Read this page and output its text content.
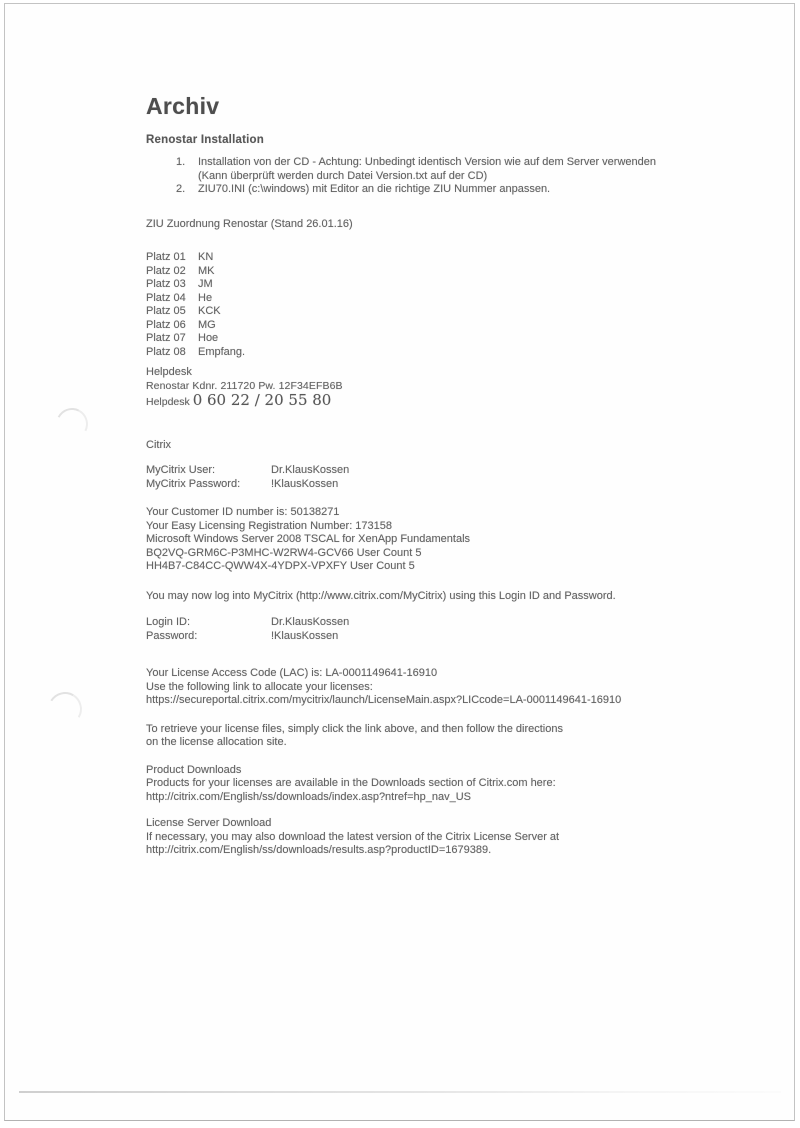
Archiv
Renostar Installation
1.	Installation von der CD - Achtung: Unbedingt identisch Version wie auf dem Server verwenden
(Kann überprüft werden durch Datei Version.txt auf der CD)
2.	ZIU70.INI (c:\windows) mit Editor an die richtige ZIU Nummer anpassen.
ZIU Zuordnung Renostar (Stand 26.01.16)
Platz 01	KN
Platz 02	MK
Platz 03	JM
Platz 04	He
Platz 05	KCK
Platz 06	MG
Platz 07	Hoe
Platz 08	Empfang.
Helpdesk
Renostar Kdnr. 211720 Pw. 12F34EFB6B
Helpdesk 0 60 22 / 20 55 80
Citrix
MyCitrix User:	Dr.KlausKossen
MyCitrix Password:	!KlausKossen
Your Customer ID number is: 50138271
Your Easy Licensing Registration Number: 173158
Microsoft Windows Server 2008 TSCAL for XenApp Fundamentals
BQ2VQ-GRM6C-P3MHC-W2RW4-GCV66 User Count 5
HH4B7-C84CC-QWW4X-4YDPX-VPXFY User Count 5
You may now log into MyCitrix (http://www.citrix.com/MyCitrix) using this Login ID and Password.
Login ID:	Dr.KlausKossen
Password:	!KlausKossen
Your License Access Code (LAC) is: LA-0001149641-16910
Use the following link to allocate your licenses:
https://secureportal.citrix.com/mycitrix/launch/LicenseMain.aspx?LICcode=LA-0001149641-16910
To retrieve your license files, simply click the link above, and then follow the directions
on the license allocation site.
Product Downloads
Products for your licenses are available in the Downloads section of Citrix.com here:
http://citrix.com/English/ss/downloads/index.asp?ntref=hp_nav_US
License Server Download
If necessary, you may also download the latest version of the Citrix License Server at
http://citrix.com/English/ss/downloads/results.asp?productID=1679389.
